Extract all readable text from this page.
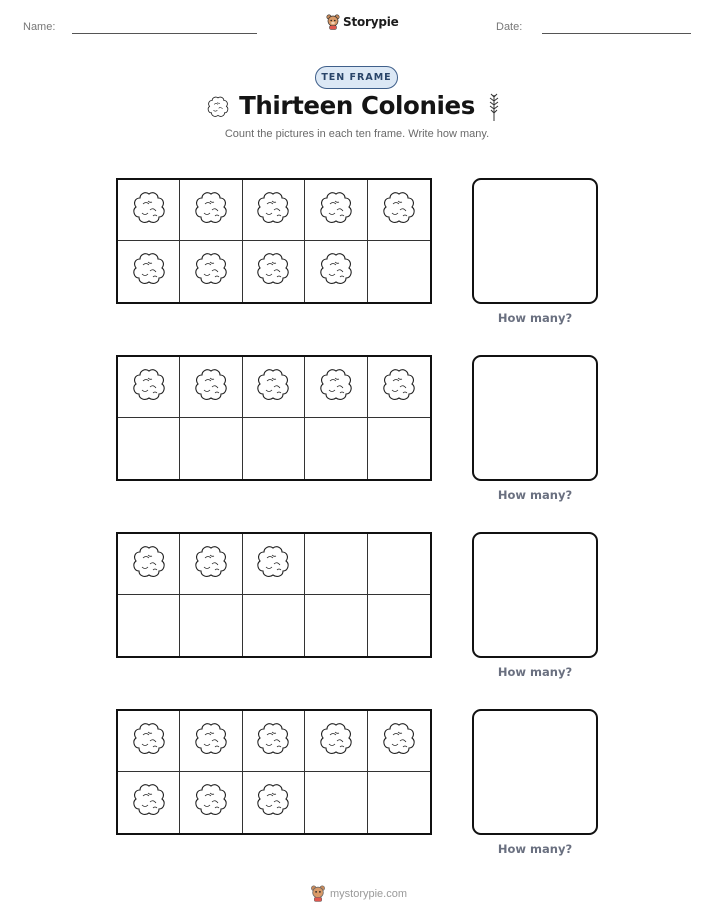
Name:	Storypie	Date:
TEN FRAME
Thirteen Colonies
Count the pictures in each ten frame. Write how many.
How many?
How many?
How many?
How many?
mystorypie.com
